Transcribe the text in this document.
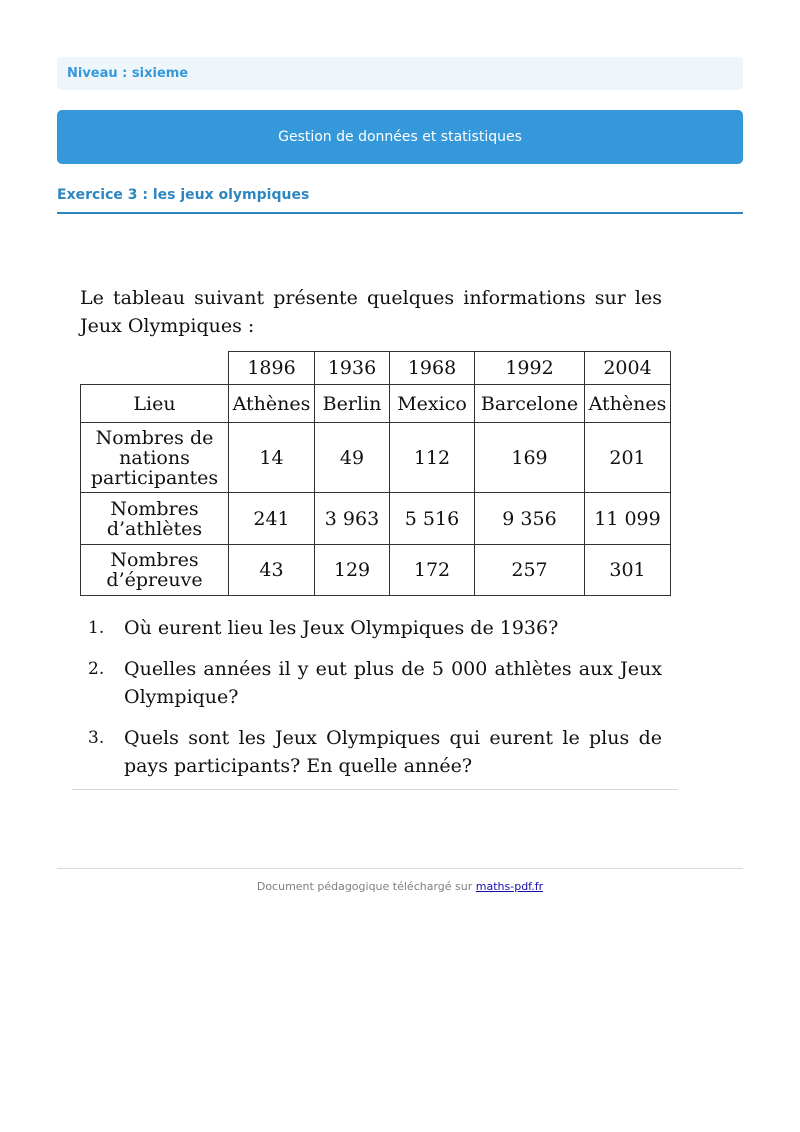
Niveau : sixieme
Gestion de données et statistiques
Exercice 3 : les jeux olympiques

Le tableau suivant présente quelques informations sur les Jeux Olympiques :

	1896	1936	1968	1992	2004
Lieu	Athènes	Berlin	Mexico	Barcelone	Athènes
Nombres de nations participantes	14	49	112	169	201
Nombres d’athlètes	241	3 963	5 516	9 356	11 099
Nombres d’épreuve	43	129	172	257	301
1. Où eurent lieu les Jeux Olympiques de 1936?
2. Quelles années il y eut plus de 5 000 athlètes aux Jeux Olympique?
3. Quels sont les Jeux Olympiques qui eurent le plus de pays participants? En quelle année?
Document pédagogique téléchargé sur maths-pdf.fr
